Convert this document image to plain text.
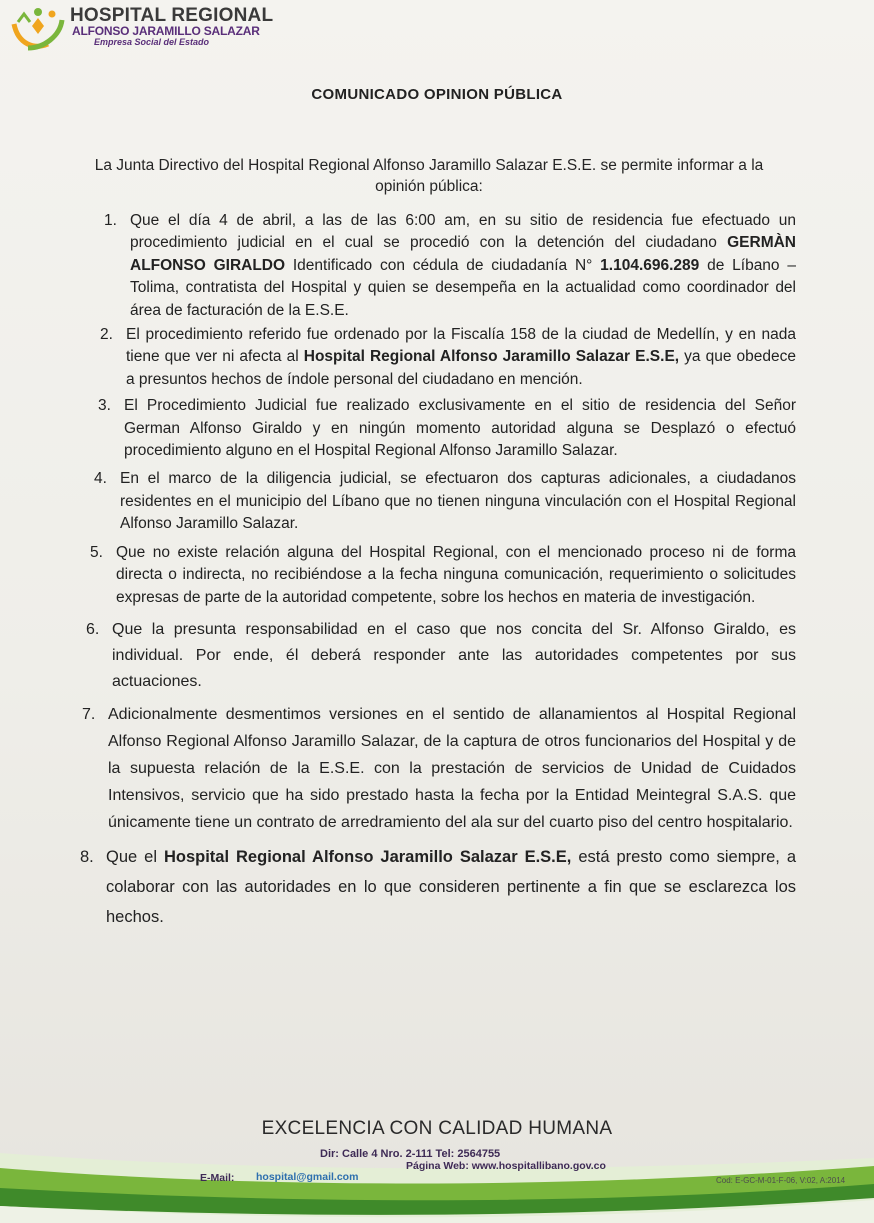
HOSPITAL REGIONAL
ALFONSO JARAMILLO SALAZAR
Empresa Social del Estado
COMUNICADO OPINION PÚBLICA
La Junta Directivo del Hospital Regional Alfonso Jaramillo Salazar E.S.E. se permite informar a la opinión pública:
1. Que el día 4 de abril, a las de las 6:00 am, en su sitio de residencia fue efectuado un procedimiento judicial en el cual se procedió con la detención del ciudadano GERMÀN ALFONSO GIRALDO Identificado con cédula de ciudadanía N° 1.104.696.289 de Líbano – Tolima, contratista del Hospital y quien se desempeña en la actualidad como coordinador del área de facturación de la E.S.E.
2. El procedimiento referido fue ordenado por la Fiscalía 158 de la ciudad de Medellín, y en nada tiene que ver ni afecta al Hospital Regional Alfonso Jaramillo Salazar E.S.E, ya que obedece a presuntos hechos de índole personal del ciudadano en mención.
3. El Procedimiento Judicial fue realizado exclusivamente en el sitio de residencia del Señor German Alfonso Giraldo y en ningún momento autoridad alguna se Desplazó o efectuó procedimiento alguno en el Hospital Regional Alfonso Jaramillo Salazar.
4. En el marco de la diligencia judicial, se efectuaron dos capturas adicionales, a ciudadanos residentes en el municipio del Líbano que no tienen ninguna vinculación con el Hospital Regional Alfonso Jaramillo Salazar.
5. Que no existe relación alguna del Hospital Regional, con el mencionado proceso ni de forma directa o indirecta, no recibiéndose a la fecha ninguna comunicación, requerimiento o solicitudes expresas de parte de la autoridad competente, sobre los hechos en materia de investigación.
6. Que la presunta responsabilidad en el caso que nos concita del Sr. Alfonso Giraldo, es individual. Por ende, él deberá responder ante las autoridades competentes por sus actuaciones.
7. Adicionalmente desmentimos versiones en el sentido de allanamientos al Hospital Regional Alfonso Regional Alfonso Jaramillo Salazar, de la captura de otros funcionarios del Hospital y de la supuesta relación de la E.S.E. con la prestación de servicios de Unidad de Cuidados Intensivos, servicio que ha sido prestado hasta la fecha por la Entidad Meintegral S.A.S. que únicamente tiene un contrato de arredramiento del ala sur del cuarto piso del centro hospitalario.
8. Que el Hospital Regional Alfonso Jaramillo Salazar E.S.E, está presto como siempre, a colaborar con las autoridades en lo que consideren pertinente a fin que se esclarezca los hechos.
EXCELENCIA CON CALIDAD HUMANA
Dir: Calle 4 Nro. 2-111 Tel: 2564755
E-Mail: hospital@gmail.com
Página Web: www.hospitallibano.gov.co
Cod: E-GC-M-01-F-06, V:02, A:2014
